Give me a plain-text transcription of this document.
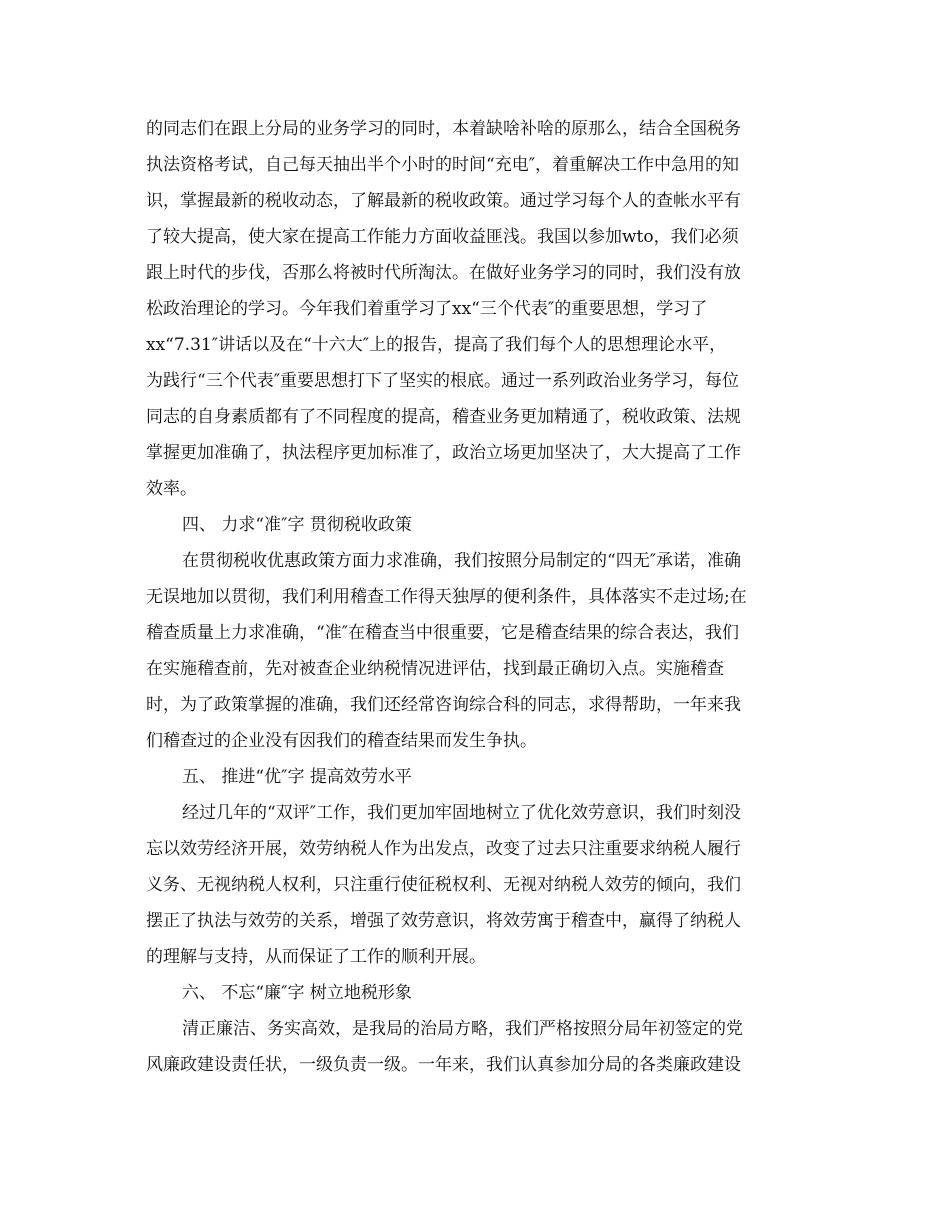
的同志们在跟上分局的业务学习的同时，本着缺啥补啥的原那么，结合全国税务
执法资格考试，自己每天抽出半个小时的时间“充电″，着重解决工作中急用的知
识，掌握最新的税收动态，了解最新的税收政策。通过学习每个人的查帐水平有
了较大提高，使大家在提高工作能力方面收益匪浅。我国以参加wto，我们必须
跟上时代的步伐，否那么将被时代所淘汰。在做好业务学习的同时，我们没有放
松政治理论的学习。今年我们着重学习了xx“三个代表″的重要思想，学习了
xx“7.31″讲话以及在“十六大″上的报告，提高了我们每个人的思想理论水平，
为践行“三个代表″重要思想打下了坚实的根底。通过一系列政治业务学习，每位
同志的自身素质都有了不同程度的提高，稽查业务更加精通了，税收政策、法规
掌握更加准确了，执法程序更加标准了，政治立场更加坚决了，大大提高了工作
效率。
四、 力求“准″字 贯彻税收政策
在贯彻税收优惠政策方面力求准确，我们按照分局制定的“四无″承诺，准确
无误地加以贯彻，我们利用稽查工作得天独厚的便利条件，具体落实不走过场;在
稽查质量上力求准确，“准″在稽查当中很重要，它是稽查结果的综合表达，我们
在实施稽查前，先对被查企业纳税情况进评估，找到最正确切入点。实施稽查
时，为了政策掌握的准确，我们还经常咨询综合科的同志，求得帮助，一年来我
们稽查过的企业没有因我们的稽查结果而发生争执。
五、 推进“优″字 提高效劳水平
经过几年的“双评″工作，我们更加牢固地树立了优化效劳意识，我们时刻没
忘以效劳经济开展，效劳纳税人作为出发点，改变了过去只注重要求纳税人履行
义务、无视纳税人权利，只注重行使征税权利、无视对纳税人效劳的倾向，我们
摆正了执法与效劳的关系，增强了效劳意识，将效劳寓于稽查中，赢得了纳税人
的理解与支持，从而保证了工作的顺利开展。
六、 不忘“廉″字 树立地税形象
清正廉洁、务实高效，是我局的治局方略，我们严格按照分局年初签定的党
风廉政建设责任状，一级负责一级。一年来，我们认真参加分局的各类廉政建设
